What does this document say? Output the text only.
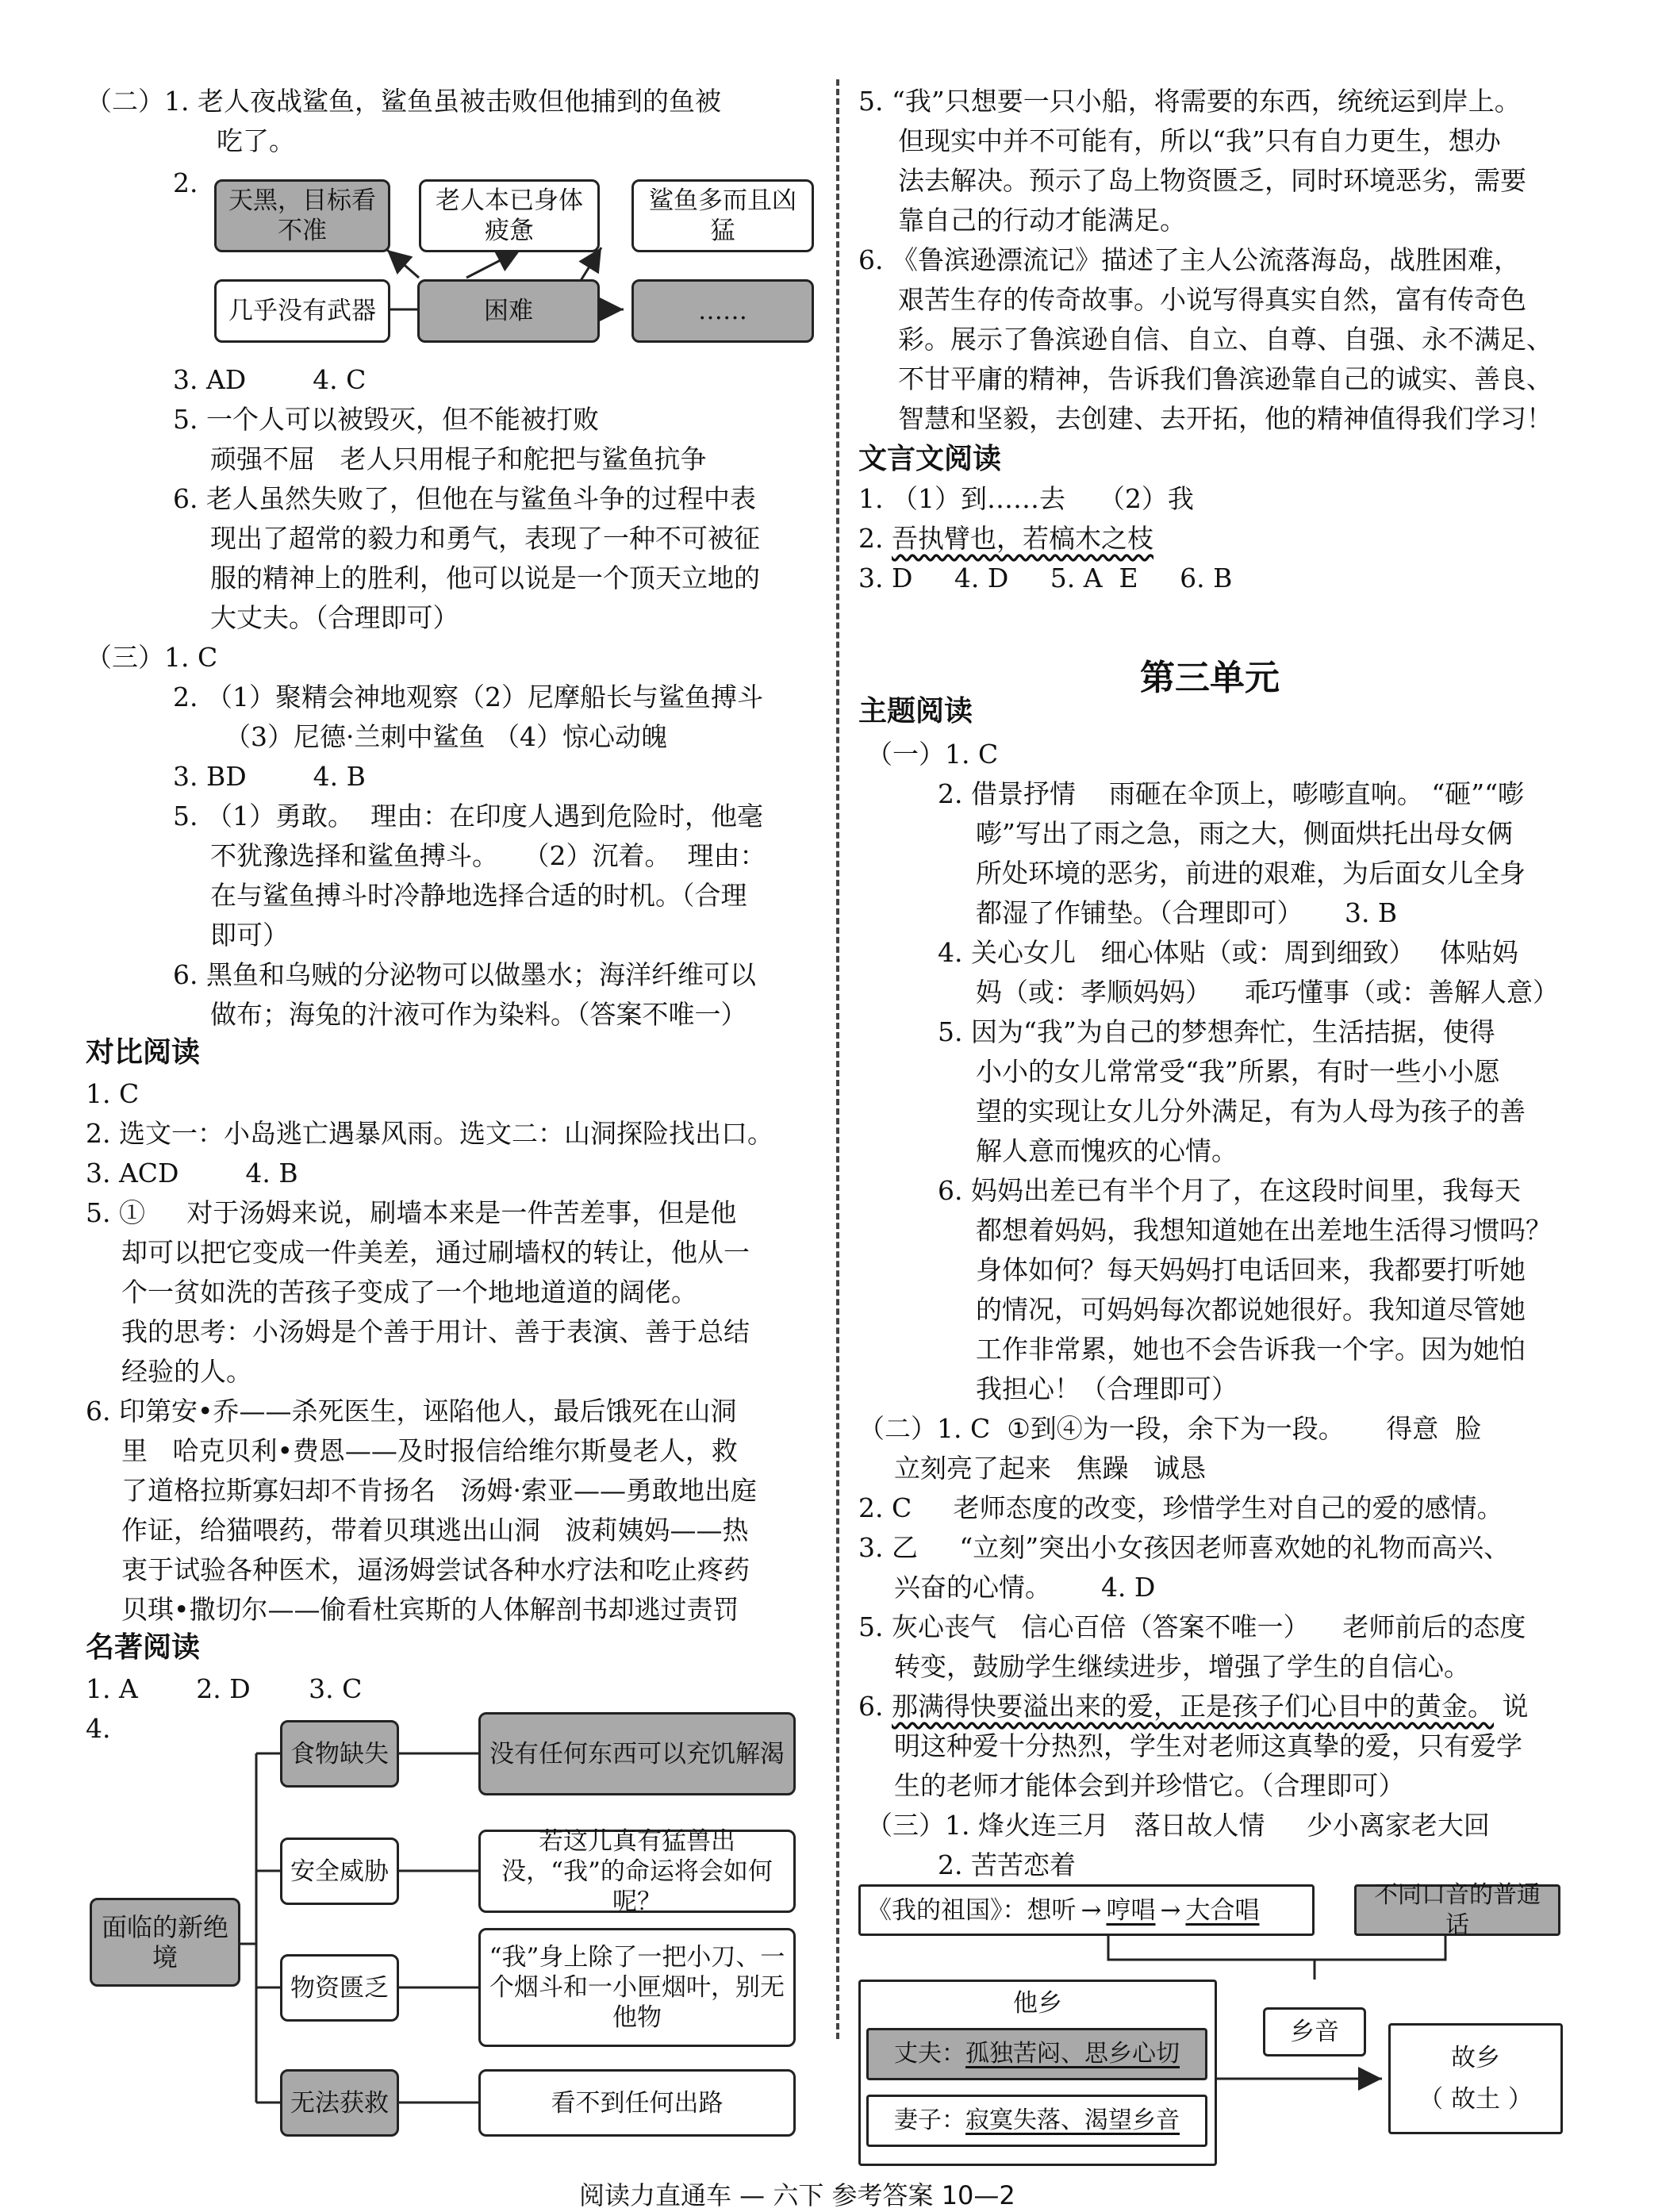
（二）1. 老人夜战鲨鱼，鲨鱼虽被击败但他捕到的鱼被
吃了。
2.
天黑，目标看不准
老人本已身体疲惫
鲨鱼多而且凶猛
几乎没有武器	困难	……
3. AD        4. C
5. 一个人可以被毁灭，但不能被打败
顽强不屈   老人只用棍子和舵把与鲨鱼抗争
6. 老人虽然失败了，但他在与鲨鱼斗争的过程中表
现出了超常的毅力和勇气，表现了一种不可被征
服的精神上的胜利，他可以说是一个顶天立地的
大丈夫。（合理即可）
（三）1. C
2. （1）聚精会神地观察（2）尼摩船长与鲨鱼搏斗
（3）尼德·兰刺中鲨鱼 （4）惊心动魄
3. BD        4. B
5. （1）勇敢。  理由：在印度人遇到危险时，他毫
不犹豫选择和鲨鱼搏斗。   （2）沉着。  理由：
在与鲨鱼搏斗时冷静地选择合适的时机。（合理
即可）
6. 黑鱼和乌贼的分泌物可以做墨水；海洋纤维可以
做布；海兔的汁液可作为染料。（答案不唯一）
对比阅读
1. C
2. 选文一：小岛逃亡遇暴风雨。选文二：山洞探险找出口。
3. ACD        4. B
5. ①     对于汤姆来说，刷墙本来是一件苦差事，但是他
却可以把它变成一件美差，通过刷墙权的转让，他从一
个一贫如洗的苦孩子变成了一个地地道道的阔佬。
我的思考：小汤姆是个善于用计、善于表演、善于总结
经验的人。
6. 印第安•乔——杀死医生，诬陷他人，最后饿死在山洞
里   哈克贝利•费恩——及时报信给维尔斯曼老人，救
了道格拉斯寡妇却不肯扬名   汤姆·索亚——勇敢地出庭
作证，给猫喂药，带着贝琪逃出山洞   波莉姨妈——热
衷于试验各种医术，逼汤姆尝试各种水疗法和吃止疼药
贝琪•撒切尔——偷看杜宾斯的人体解剖书却逃过责罚
名著阅读
1. A       2. D       3. C
4.
面临的新绝境
食物缺失	没有任何东西可以充饥解渴
安全威胁
若这儿真有猛兽出没，“我”的命运将会如何呢？
物资匮乏
“我”身上除了一把小刀、一个烟斗和一小匣烟叶，别无他物
无法获救	看不到任何出路
5. “我”只想要一只小船，将需要的东西，统统运到岸上。
但现实中并不可能有，所以“我”只有自力更生，想办
法去解决。预示了岛上物资匮乏，同时环境恶劣，需要
靠自己的行动才能满足。
6. 《鲁滨逊漂流记》描述了主人公流落海岛，战胜困难，
艰苦生存的传奇故事。小说写得真实自然，富有传奇色
彩。展示了鲁滨逊自信、自立、自尊、自强、永不满足、
不甘平庸的精神，告诉我们鲁滨逊靠自己的诚实、善良、
智慧和坚毅，去创建、去开拓，他的精神值得我们学习！
文言文阅读
1. （1）到……去    （2）我
2. 吾执臂也，若槁木之枝
3. D     4. D     5. A  E     6. B
第三单元
主题阅读
（一）1. C
2. 借景抒情    雨砸在伞顶上，嘭嘭直响。 “砸”“嘭
嘭”写出了雨之急，雨之大，侧面烘托出母女俩
所处环境的恶劣，前进的艰难，为后面女儿全身
都湿了作铺垫。（合理即可）     3. B
4. 关心女儿   细心体贴（或：周到细致）   体贴妈
妈（或：孝顺妈妈）    乖巧懂事（或：善解人意）
5. 因为“我”为自己的梦想奔忙，生活拮据，使得
小小的女儿常常受“我”所累，有时一些小小愿
望的实现让女儿分外满足，有为人母为孩子的善
解人意而愧疚的心情。
6. 妈妈出差已有半个月了，在这段时间里，我每天
都想着妈妈，我想知道她在出差地生活得习惯吗？
身体如何？每天妈妈打电话回来，我都要打听她
的情况，可妈妈每次都说她很好。我知道尽管她
工作非常累，她也不会告诉我一个字。因为她怕
我担心！（合理即可）
（二）1. C  ①到④为一段，余下为一段。     得意  脸
立刻亮了起来   焦躁   诚恳
2. C     老师态度的改变，珍惜学生对自己的爱的感情。
3. 乙     “立刻”突出小女孩因老师喜欢她的礼物而高兴、
兴奋的心情。      4. D
5. 灰心丧气   信心百倍（答案不唯一）    老师前后的态度
转变，鼓励学生继续进步，增强了学生的自信心。
6. 那满得快要溢出来的爱，正是孩子们心目中的黄金。 说
明这种爱十分热烈，学生对老师这真挚的爱，只有爱学
生的老师才能体会到并珍惜它。（合理即可）
（三）1. 烽火连三月   落日故人情     少小离家老大回
2. 苦苦恋着
《我的祖国》：想听 → 哼唱 → 大合唱
不同口音的普通话
他乡
丈夫： 孤独苦闷、思乡心切
妻子： 寂寞失落、渴望乡音
乡音
故乡
（ 故土 ）
阅读力直通车 — 六下 参考答案 10—2
